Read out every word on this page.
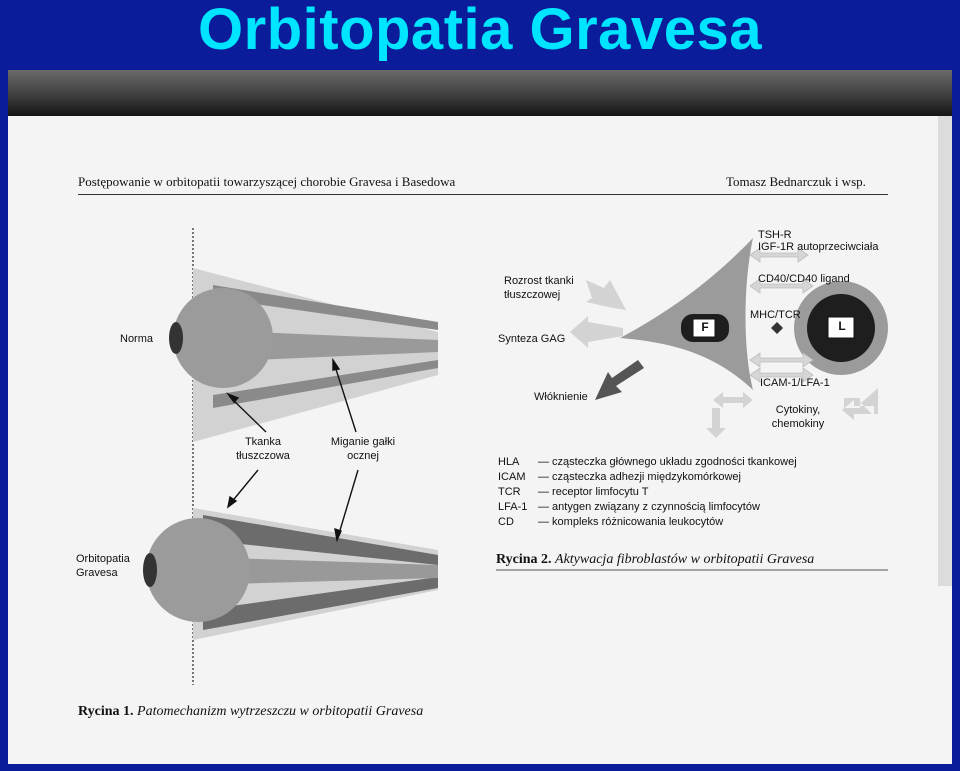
Orbitopatia Gravesa
Postępowanie w orbitopatii towarzyszącej chorobie Gravesa i Basedowa	Tomasz Bednarczuk i wsp.
Norma
Orbitopatia
Gravesa
Tkanka
tłuszczowa
Miganie gałki
ocznej
Rozrost tkanki
tłuszczowej
Synteza GAG
Włóknienie
TSH-R
IGF-1R autoprzeciwciała
CD40/CD40 ligand
MHC/TCR
ICAM-1/LFA-1
Cytokiny,
chemokiny
F	L
HLA — cząsteczka głównego układu zgodności tkankowej
ICAM — cząsteczka adhezji międzykomórkowej
TCR — receptor limfocytu T
LFA-1 — antygen związany z czynnością limfocytów
CD — kompleks różnicowania leukocytów
Rycina 2. Aktywacja fibroblastów w orbitopatii Gravesa
Rycina 1. Patomechanizm wytrzeszczu w orbitopatii Gravesa
